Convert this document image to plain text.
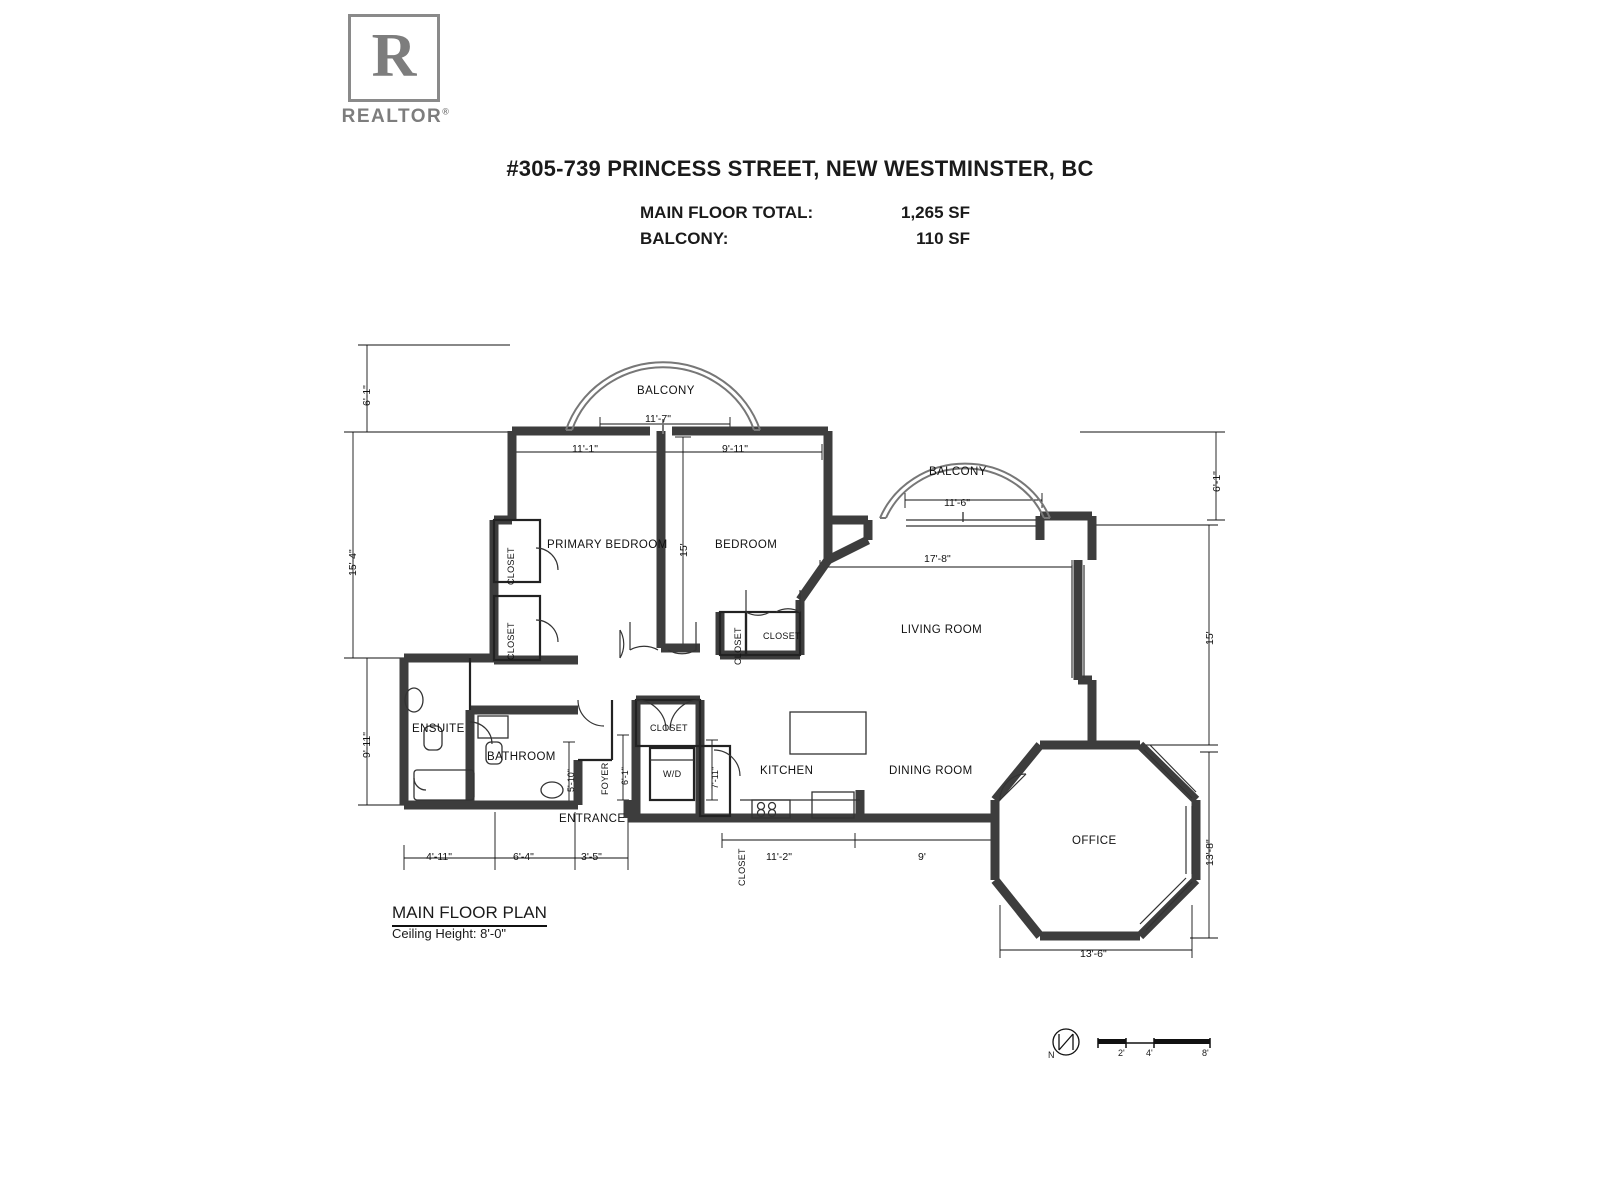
R
REALTOR®
#305-739 PRINCESS STREET, NEW WESTMINSTER, BC
MAIN FLOOR TOTAL:	1,265 SF
BALCONY:	110 SF
BALCONY
BALCONY
PRIMARY BEDROOM	BEDROOM
LIVING ROOM
DINING ROOM
KITCHEN
OFFICE
ENSUITE
BATHROOM
ENTRANCE
FOYER
CLOSET
CLOSET	CLOSET CLOSET
CLOSET
CLOSET
W/D
6'-1"
15'-4"
9'-11"
15'
6'-1"
15'
13'-8"
5'-10"	6'-1"	7'-11"
11'-7"
11'-1"	9'-11"
11'-6"
17'-8"
13'-6"
4'-11"	6'-4"	3'-5"	11'-2"	9'
MAIN FLOOR PLAN
Ceiling Height: 8'-0"
N	2' 4'	8'
